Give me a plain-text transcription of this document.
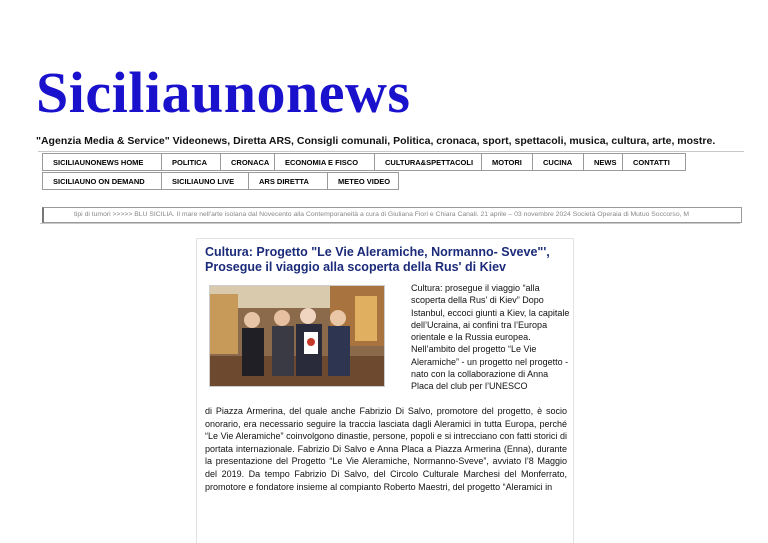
Siciliaunonews
"Agenzia Media & Service" Videonews, Diretta ARS, Consigli comunali, Politica, cronaca, sport, spettacoli, musica, cultura, arte, mostre.
SICILIAUNONEWS HOME	POLITICA	CRONACA	ECONOMIA E FISCO	CULTURA&SPETTACOLI	MOTORI	CUCINA	NEWS	CONTATTI
SICILIAUNO ON DEMAND	SICILIAUNO LIVE	ARS DIRETTA	METEO VIDEO
tipi di tumori >>>>> BLU SICILIA. Il mare nell'arte isolana dal Novecento alla Contemporaneità a cura di Giuliana Fiori e Chiara Canali. 21 aprile – 03 novembre 2024 Società Operaia di Mutuo Soccorso, M
Cultura: Progetto "Le Vie Aleramiche, Normanno- Sveve"', Prosegue il viaggio alla scoperta della Rus' di Kiev
Cultura: prosegue il viaggio “alla scoperta della Rus’ di Kiev” Dopo Istanbul, eccoci giunti a Kiev, la capitale dell’Ucraina, ai confini tra l’Europa orientale e la Russia europea. Nell’ambito del progetto “Le Vie Aleramiche” - un progetto nel progetto - nato con la collaborazione di Anna Placa del club per l’UNESCO
di Piazza Armerina, del quale anche Fabrizio Di Salvo, promotore del progetto, è socio onorario, era necessario seguire la traccia lasciata dagli Aleramici in tutta Europa, perché “Le Vie Aleramiche” coinvolgono dinastie, persone, popoli e si intrecciano con fatti storici di portata internazionale. Fabrizio Di Salvo e Anna Placa a Piazza Armerina (Enna), durante la presentazione del Progetto “Le Vie Aleramiche, Normanno-Sveve”, avviato l’8 Maggio del 2019. Da tempo Fabrizio Di Salvo, del Circolo Culturale Marchesi del Monferrato, promotore e fondatore insieme al compianto Roberto Maestri, del progetto “Aleramici in
